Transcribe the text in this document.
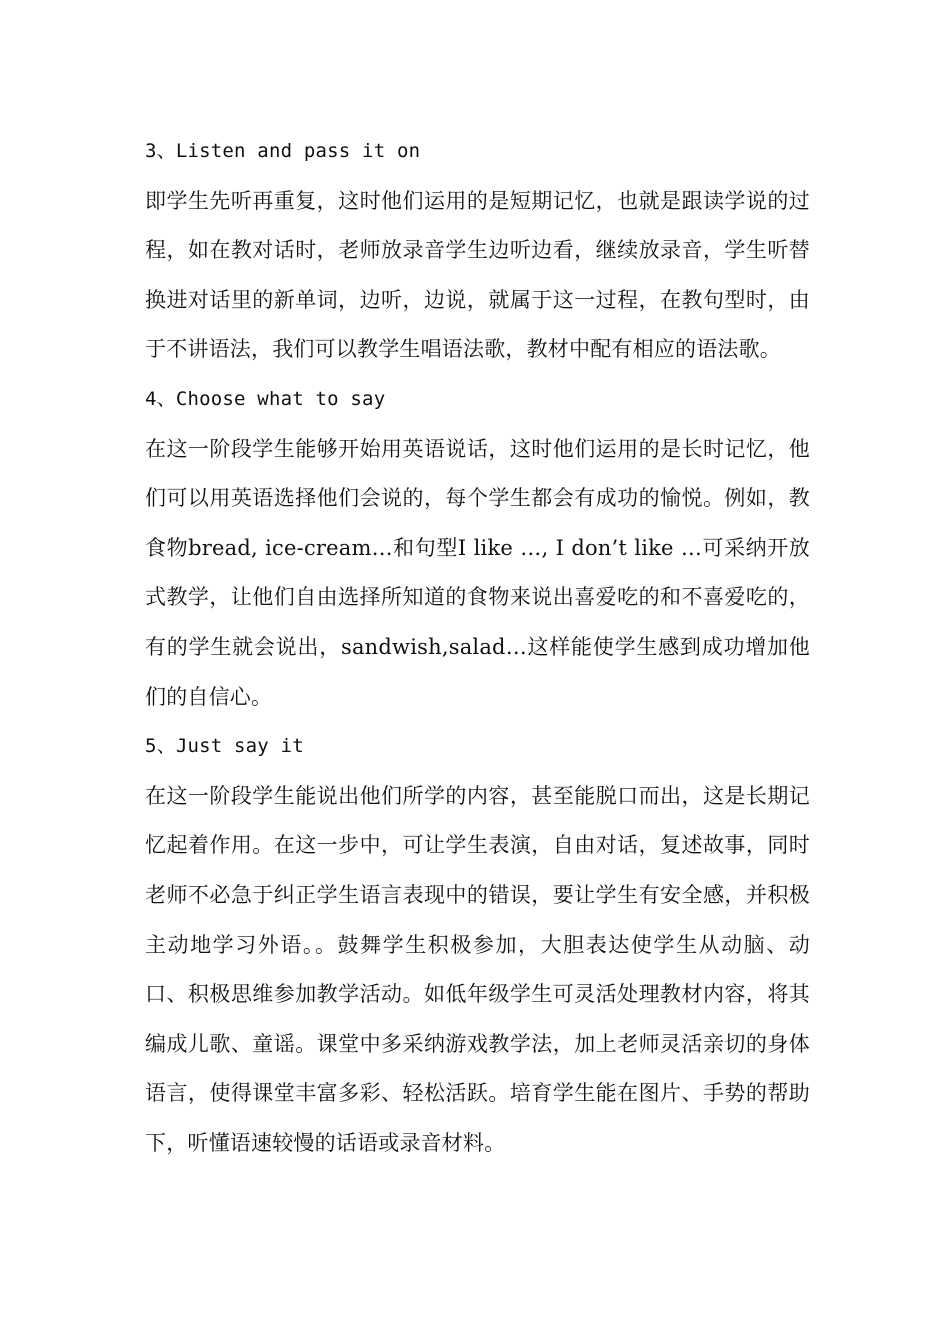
3、Listen and pass it on

即学生先听再重复，这时他们运用的是短期记忆，也就是跟读学说的过程，如在教对话时，老师放录音学生边听边看，继续放录音，学生听替换进对话里的新单词，边听，边说，就属于这一过程，在教句型时，由于不讲语法，我们可以教学生唱语法歌，教材中配有相应的语法歌。

4、Choose what to say

在这一阶段学生能够开始用英语说话，这时他们运用的是长时记忆，他们可以用英语选择他们会说的，每个学生都会有成功的愉悦。例如，教食物bread, ice-cream…和句型I like …, I don’t like …可采纳开放式教学，让他们自由选择所知道的食物来说出喜爱吃的和不喜爱吃的，有的学生就会说出，sandwish,salad…这样能使学生感到成功增加他们的自信心。

5、Just say it

在这一阶段学生能说出他们所学的内容，甚至能脱口而出，这是长期记忆起着作用。在这一步中，可让学生表演，自由对话，复述故事，同时老师不必急于纠正学生语言表现中的错误，要让学生有安全感，并积极主动地学习外语。。鼓舞学生积极参加，大胆表达使学生从动脑、动口、积极思维参加教学活动。如低年级学生可灵活处理教材内容，将其编成儿歌、童谣。课堂中多采纳游戏教学法，加上老师灵活亲切的身体语言，使得课堂丰富多彩、轻松活跃。培育学生能在图片、手势的帮助下，听懂语速较慢的话语或录音材料。
